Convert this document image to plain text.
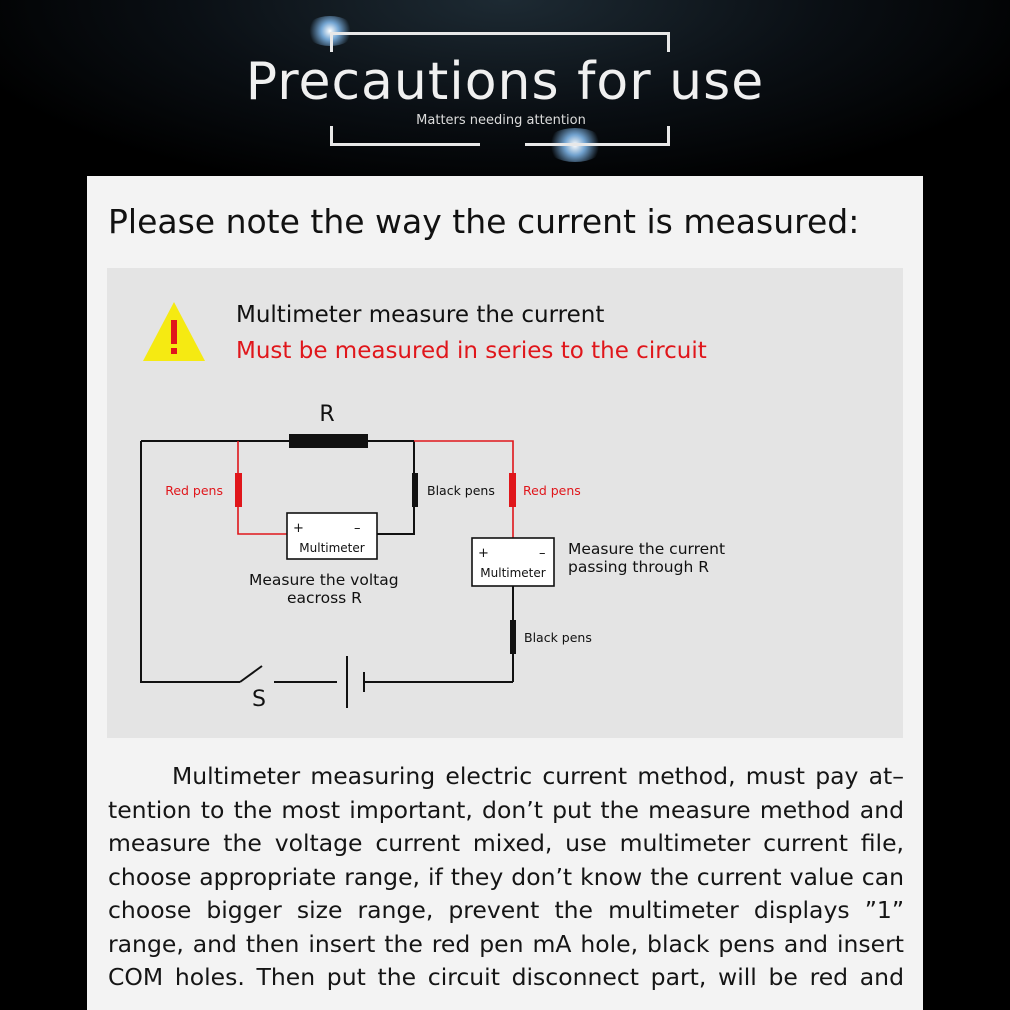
Precautions for use
Matters needing attention
Please note the way the current is measured:
R
S
Red pens	Black pens Red pens
Black pens
+	–
Multimeter	+	–
Multimeter
Measure the voltag
eacross R
Measure the current
passing through R
Multimeter measure the current
Must be measured in series to the circuit
Multimeter measuring electric current method, must pay at–
tention to the most important, don’t put the measure method and
measure the voltage current mixed, use multimeter current file,
choose appropriate range, if they don’t know the current value can
choose bigger size range, prevent the multimeter displays ”1”
range, and then insert the red pen mA hole, black pens and insert
COM holes. Then put the circuit disconnect part, will be red and
